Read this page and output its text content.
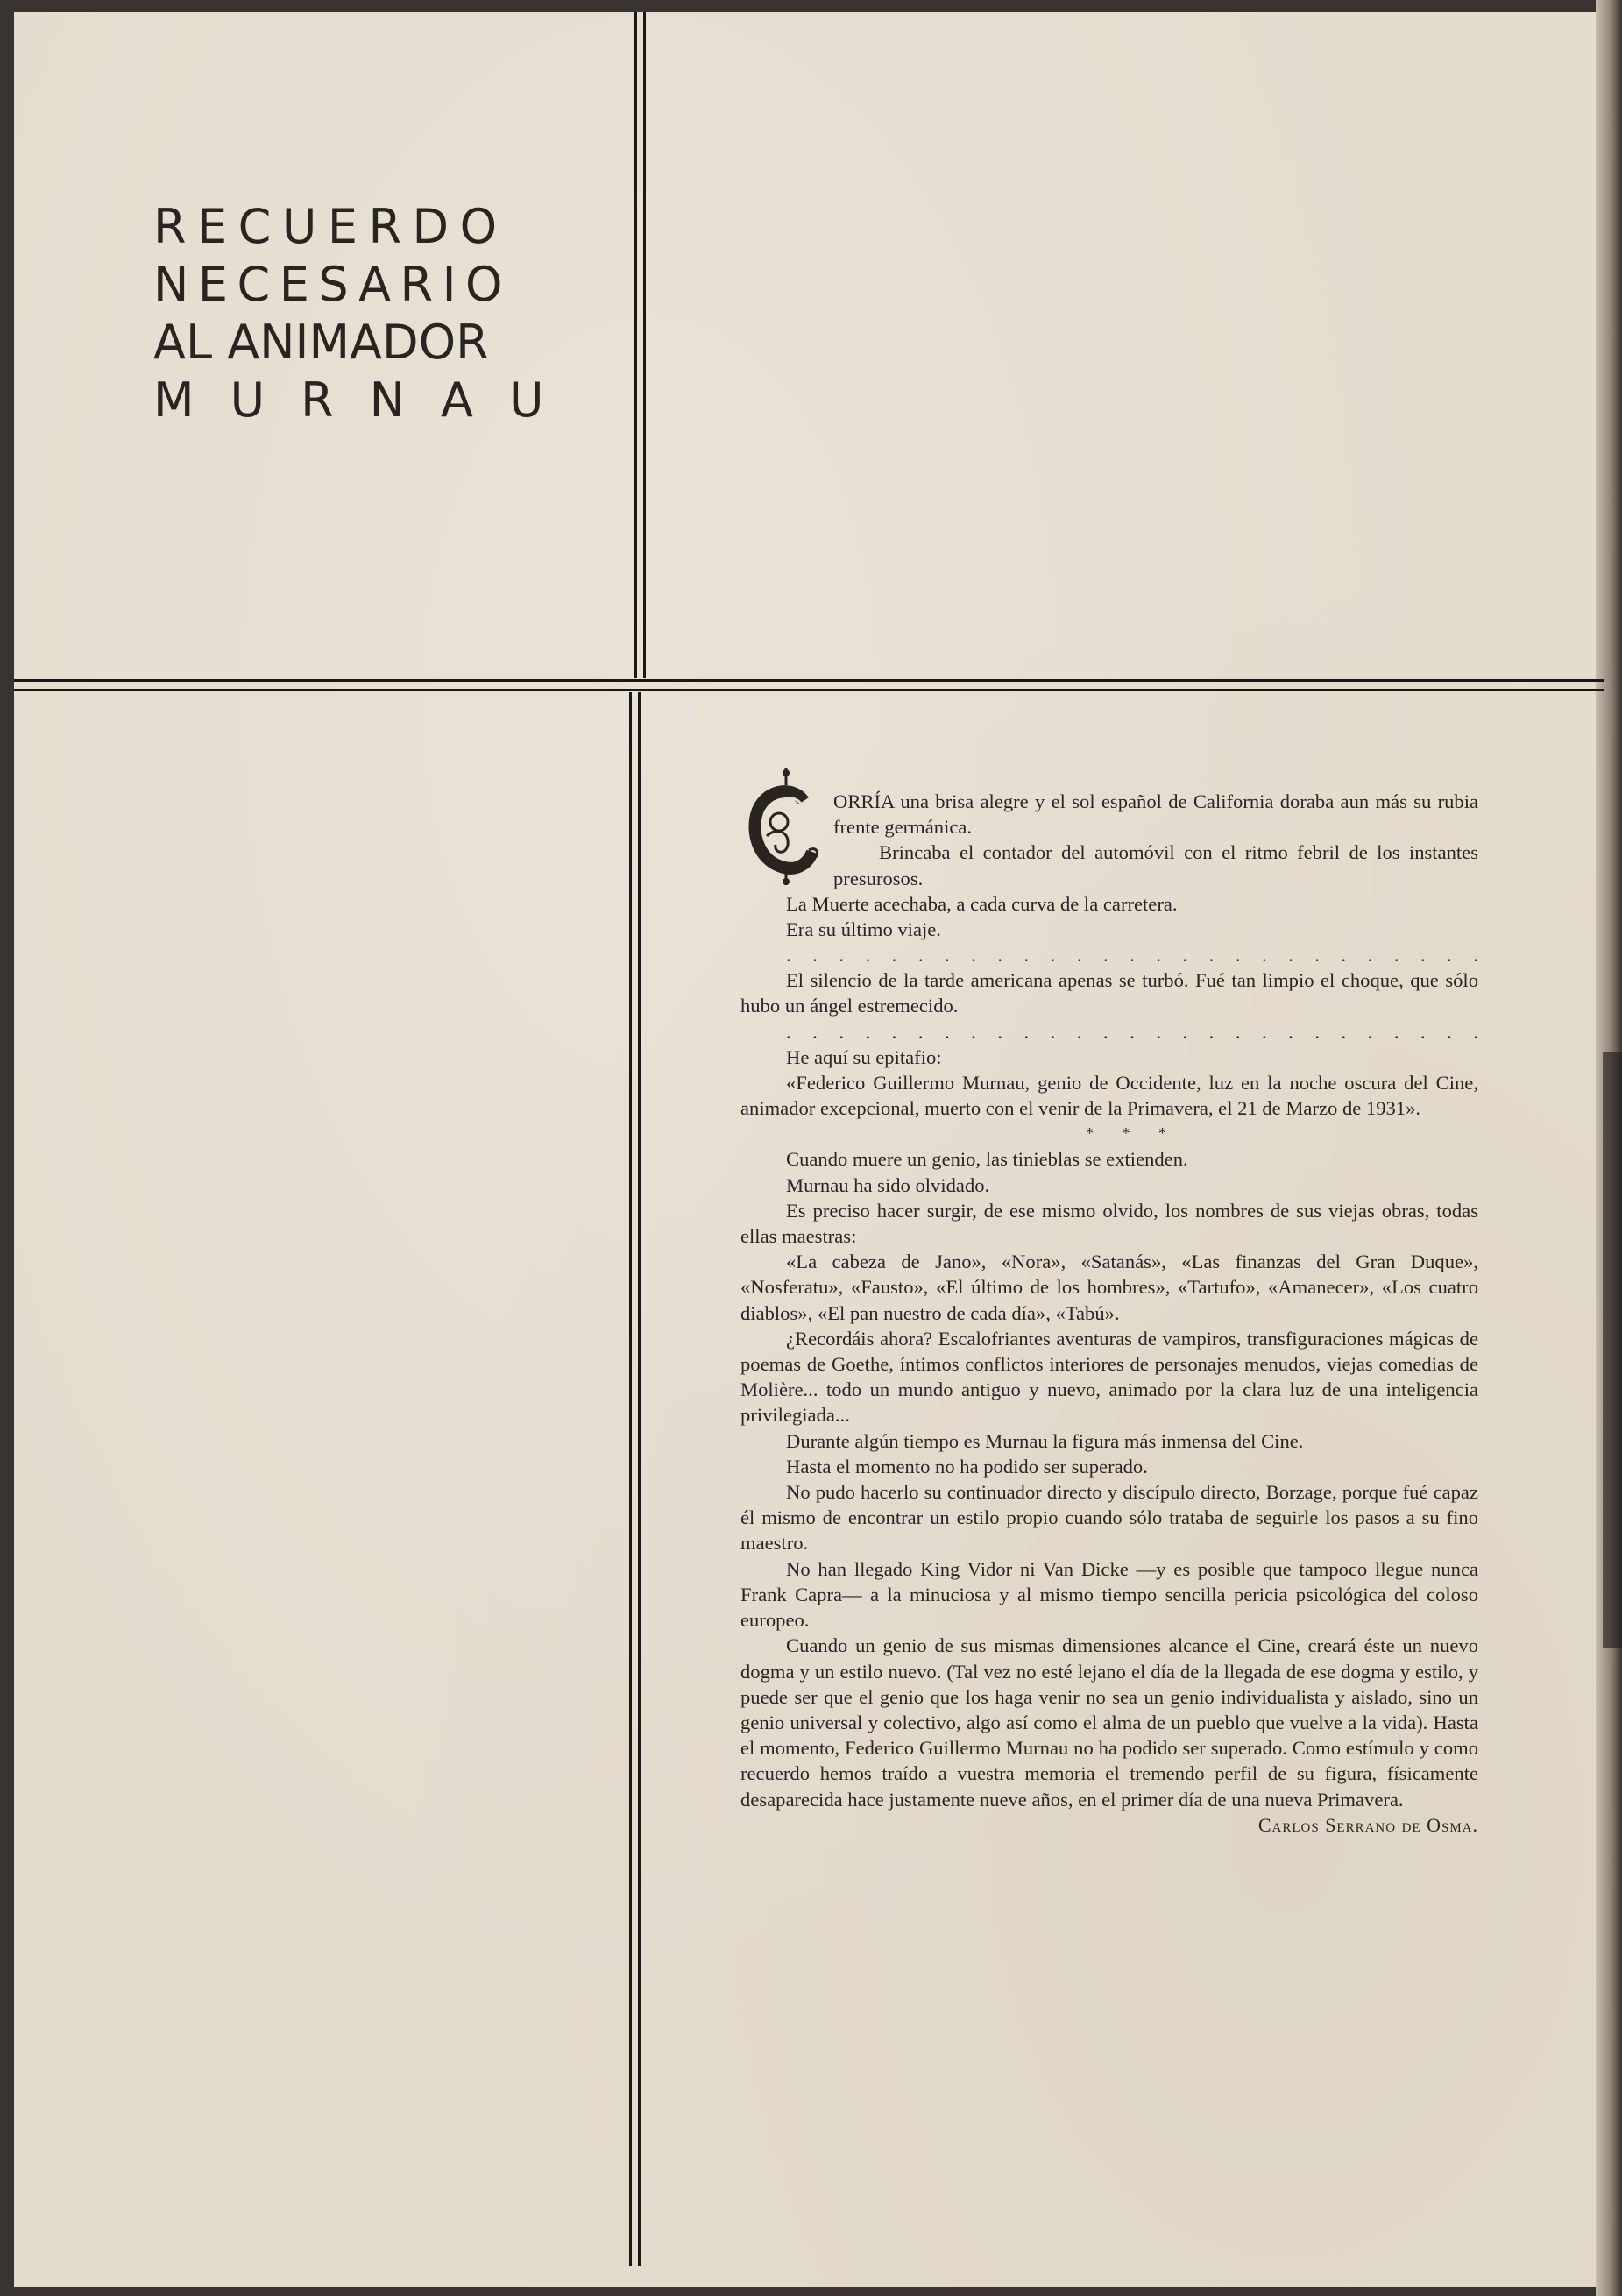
RECUERDO
NECESARIO
AL ANIMADOR
MURNAU

ORRÍA una brisa alegre y el sol español de California doraba aun más su rubia frente germánica.

Brincaba el contador del automóvil con el ritmo febril de los instantes presurosos.

La Muerte acechaba, a cada curva de la carretera.

Era su último viaje.

. . . . . . . . . . . . . . . . . . . . . . . . . . .

El silencio de la tarde americana apenas se turbó. Fué tan limpio el choque, que sólo hubo un ángel estremecido.

. . . . . . . . . . . . . . . . . . . . . . . . . . .

He aquí su epitafio:

«Federico Guillermo Murnau, genio de Occidente, luz en la noche oscura del Cine, animador excepcional, muerto con el venir de la Primavera, el 21 de Marzo de 1931».

* * *

Cuando muere un genio, las tinieblas se extienden.

Murnau ha sido olvidado.

Es preciso hacer surgir, de ese mismo olvido, los nombres de sus viejas obras, todas ellas maestras:

«La cabeza de Jano», «Nora», «Satanás», «Las finanzas del Gran Duque», «Nosferatu», «Fausto», «El último de los hombres», «Tartufo», «Amanecer», «Los cuatro diablos», «El pan nuestro de cada día», «Tabú».

¿Recordáis ahora? Escalofriantes aventuras de vampiros, transfiguraciones mágicas de poemas de Goethe, íntimos conflictos interiores de personajes menudos, viejas comedias de Molière... todo un mundo antiguo y nuevo, animado por la clara luz de una inteligencia privilegiada...

Durante algún tiempo es Murnau la figura más inmensa del Cine.

Hasta el momento no ha podido ser superado.

No pudo hacerlo su continuador directo y discípulo directo, Borzage, porque fué capaz él mismo de encontrar un estilo propio cuando sólo trataba de seguirle los pasos a su fino maestro.

No han llegado King Vidor ni Van Dicke —y es posible que tampoco llegue nunca Frank Capra— a la minuciosa y al mismo tiempo sencilla pericia psicológica del coloso europeo.

Cuando un genio de sus mismas dimensiones alcance el Cine, creará éste un nuevo dogma y un estilo nuevo. (Tal vez no esté lejano el día de la llegada de ese dogma y estilo, y puede ser que el genio que los haga venir no sea un genio individualista y aislado, sino un genio universal y colectivo, algo así como el alma de un pueblo que vuelve a la vida). Hasta el momento, Federico Guillermo Murnau no ha podido ser superado. Como estímulo y como recuerdo hemos traído a vuestra memoria el tremendo perfil de su figura, físicamente desaparecida hace justamente nueve años, en el primer día de una nueva Primavera.

Carlos Serrano de Osma.
